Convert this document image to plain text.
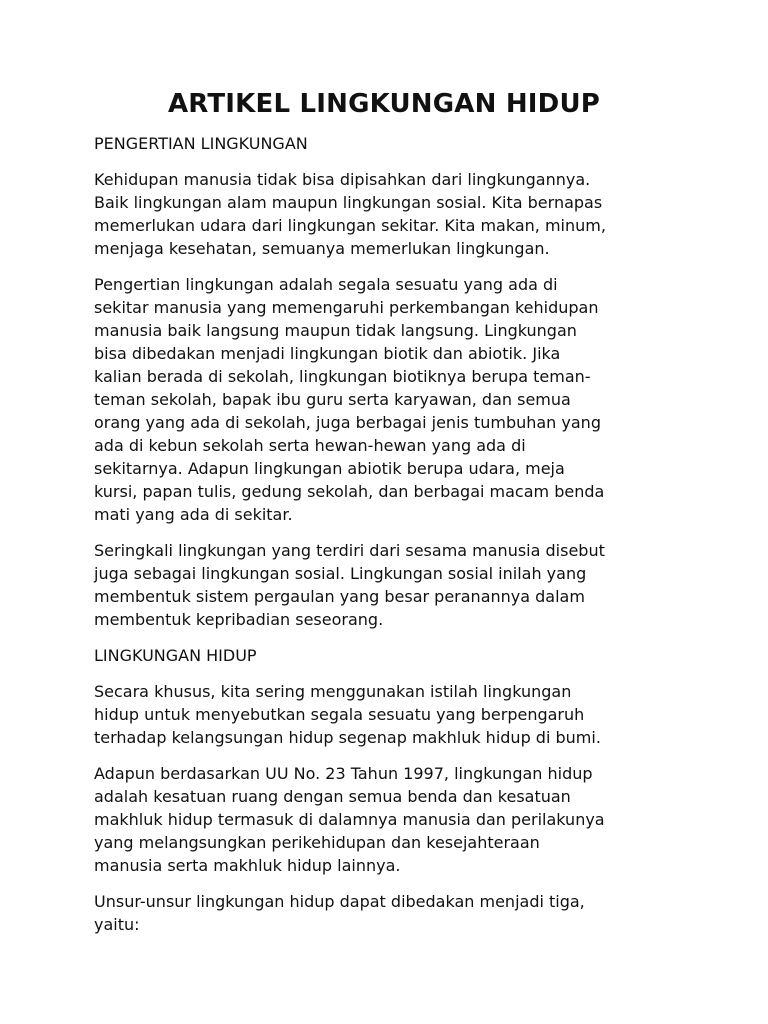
ARTIKEL LINGKUNGAN HIDUP

PENGERTIAN LINGKUNGAN

Kehidupan manusia tidak bisa dipisahkan dari lingkungannya.
Baik lingkungan alam maupun lingkungan sosial. Kita bernapas
memerlukan udara dari lingkungan sekitar. Kita makan, minum,
menjaga kesehatan, semuanya memerlukan lingkungan.

Pengertian lingkungan adalah segala sesuatu yang ada di
sekitar manusia yang memengaruhi perkembangan kehidupan
manusia baik langsung maupun tidak langsung. Lingkungan
bisa dibedakan menjadi lingkungan biotik dan abiotik. Jika
kalian berada di sekolah, lingkungan biotiknya berupa teman-
teman sekolah, bapak ibu guru serta karyawan, dan semua
orang yang ada di sekolah, juga berbagai jenis tumbuhan yang
ada di kebun sekolah serta hewan-hewan yang ada di
sekitarnya. Adapun lingkungan abiotik berupa udara, meja
kursi, papan tulis, gedung sekolah, dan berbagai macam benda
mati yang ada di sekitar.

Seringkali lingkungan yang terdiri dari sesama manusia disebut
juga sebagai lingkungan sosial. Lingkungan sosial inilah yang
membentuk sistem pergaulan yang besar peranannya dalam
membentuk kepribadian seseorang.

LINGKUNGAN HIDUP

Secara khusus, kita sering menggunakan istilah lingkungan
hidup untuk menyebutkan segala sesuatu yang berpengaruh
terhadap kelangsungan hidup segenap makhluk hidup di bumi.

Adapun berdasarkan UU No. 23 Tahun 1997, lingkungan hidup
adalah kesatuan ruang dengan semua benda dan kesatuan
makhluk hidup termasuk di dalamnya manusia dan perilakunya
yang melangsungkan perikehidupan dan kesejahteraan
manusia serta makhluk hidup lainnya.

Unsur-unsur lingkungan hidup dapat dibedakan menjadi tiga,
yaitu:
